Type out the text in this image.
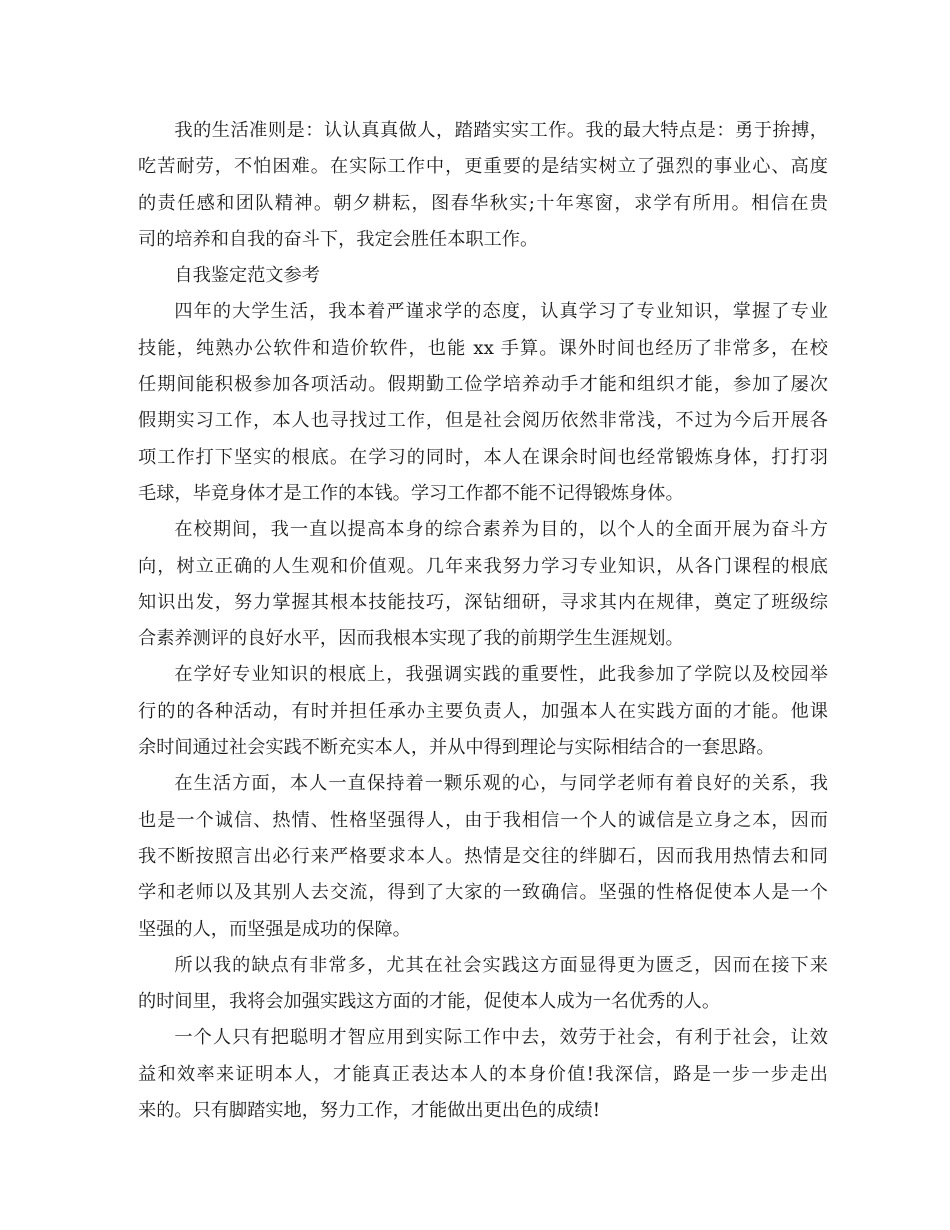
我的生活准则是：认认真真做人，踏踏实实工作。我的最大特点是：勇于拚搏，
吃苦耐劳，不怕困难。在实际工作中，更重要的是结实树立了强烈的事业心、高度
的责任感和团队精神。朝夕耕耘，图春华秋实;十年寒窗，求学有所用。相信在贵
司的培养和自我的奋斗下，我定会胜任本职工作。
自我鉴定范文参考
四年的大学生活，我本着严谨求学的态度，认真学习了专业知识，掌握了专业
技能，纯熟办公软件和造价软件，也能 xx 手算。课外时间也经历了非常多，在校
任期间能积极参加各项活动。假期勤工俭学培养动手才能和组织才能，参加了屡次
假期实习工作，本人也寻找过工作，但是社会阅历依然非常浅，不过为今后开展各
项工作打下坚实的根底。在学习的同时，本人在课余时间也经常锻炼身体，打打羽
毛球，毕竟身体才是工作的本钱。学习工作都不能不记得锻炼身体。
在校期间，我一直以提高本身的综合素养为目的，以个人的全面开展为奋斗方
向，树立正确的人生观和价值观。几年来我努力学习专业知识，从各门课程的根底
知识出发，努力掌握其根本技能技巧，深钻细研，寻求其内在规律，奠定了班级综
合素养测评的良好水平，因而我根本实现了我的前期学生生涯规划。
在学好专业知识的根底上，我强调实践的重要性，此我参加了学院以及校园举
行的的各种活动，有时并担任承办主要负责人，加强本人在实践方面的才能。他课
余时间通过社会实践不断充实本人，并从中得到理论与实际相结合的一套思路。
在生活方面，本人一直保持着一颗乐观的心，与同学老师有着良好的关系，我
也是一个诚信、热情、性格坚强得人，由于我相信一个人的诚信是立身之本，因而
我不断按照言出必行来严格要求本人。热情是交往的绊脚石，因而我用热情去和同
学和老师以及其别人去交流，得到了大家的一致确信。坚强的性格促使本人是一个
坚强的人，而坚强是成功的保障。
所以我的缺点有非常多，尤其在社会实践这方面显得更为匮乏，因而在接下来
的时间里，我将会加强实践这方面的才能，促使本人成为一名优秀的人。
一个人只有把聪明才智应用到实际工作中去，效劳于社会，有利于社会，让效
益和效率来证明本人，才能真正表达本人的本身价值!我深信，路是一步一步走出
来的。只有脚踏实地，努力工作，才能做出更出色的成绩!
